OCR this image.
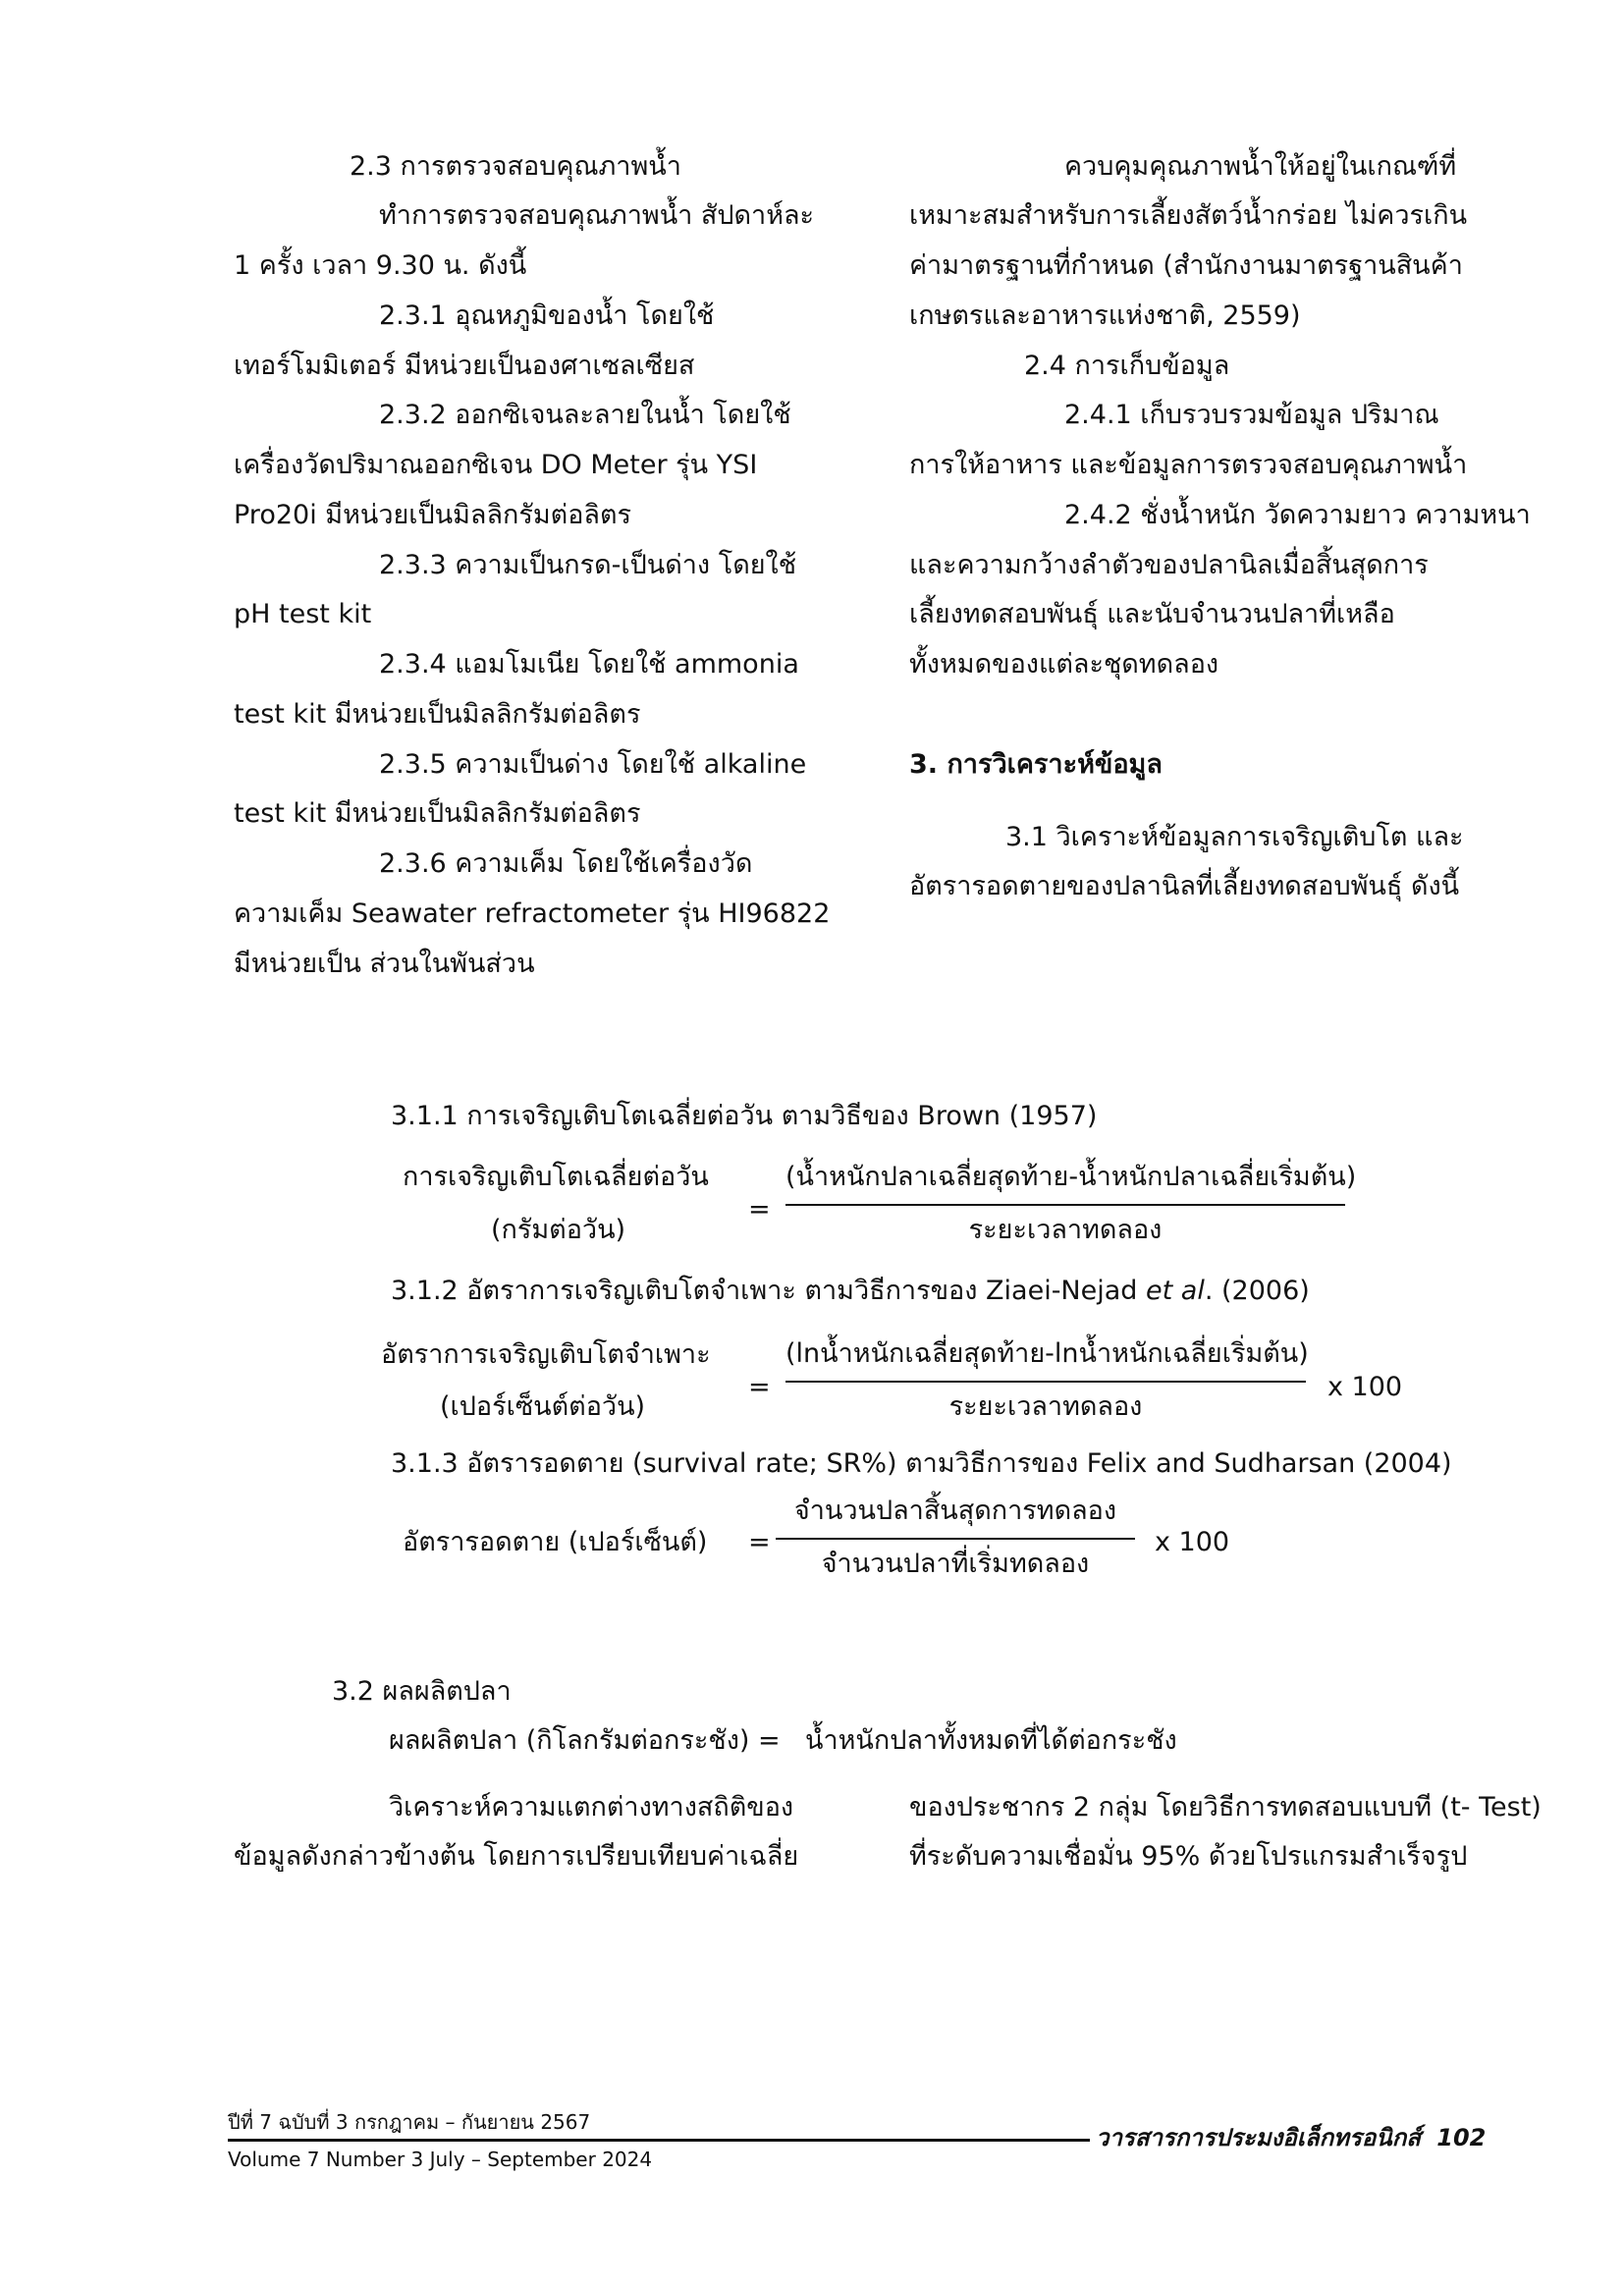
2.3 การตรวจสอบคุณภาพน้ำ
ทำการตรวจสอบคุณภาพน้ำ สัปดาห์ละ
1 ครั้ง เวลา 9.30 น. ดังนี้
2.3.1 อุณหภูมิของน้ำ โดยใช้
เทอร์โมมิเตอร์ มีหน่วยเป็นองศาเซลเซียส
2.3.2 ออกซิเจนละลายในน้ำ โดยใช้
เครื่องวัดปริมาณออกซิเจน DO Meter รุ่น YSI
Pro20i มีหน่วยเป็นมิลลิกรัมต่อลิตร
2.3.3 ความเป็นกรด-เป็นด่าง โดยใช้
pH test kit
2.3.4 แอมโมเนีย โดยใช้ ammonia
test kit มีหน่วยเป็นมิลลิกรัมต่อลิตร
2.3.5 ความเป็นด่าง โดยใช้ alkaline
test kit มีหน่วยเป็นมิลลิกรัมต่อลิตร
2.3.6 ความเค็ม โดยใช้เครื่องวัด
ความเค็ม Seawater refractometer รุ่น HI96822
มีหน่วยเป็น ส่วนในพันส่วน
ควบคุมคุณภาพน้ำให้อยู่ในเกณฑ์ที่
เหมาะสมสำหรับการเลี้ยงสัตว์น้ำกร่อย ไม่ควรเกิน
ค่ามาตรฐานที่กำหนด (สำนักงานมาตรฐานสินค้า
เกษตรและอาหารแห่งชาติ, 2559)
2.4 การเก็บข้อมูล
2.4.1 เก็บรวบรวมข้อมูล ปริมาณ
การให้อาหาร และข้อมูลการตรวจสอบคุณภาพน้ำ
2.4.2 ชั่งน้ำหนัก วัดความยาว ความหนา
และความกว้างลำตัวของปลานิลเมื่อสิ้นสุดการ
เลี้ยงทดสอบพันธุ์ และนับจำนวนปลาที่เหลือ
ทั้งหมดของแต่ละชุดทดลอง
3. การวิเคราะห์ข้อมูล
3.1 วิเคราะห์ข้อมูลการเจริญเติบโต และ
อัตรารอดตายของปลานิลที่เลี้ยงทดสอบพันธุ์ ดังนี้
3.1.1 การเจริญเติบโตเฉลี่ยต่อวัน ตามวิธีของ Brown (1957)
การเจริญเติบโตเฉลี่ยต่อวัน
(กรัมต่อวัน)
=
(น้ำหนักปลาเฉลี่ยสุดท้าย-น้ำหนักปลาเฉลี่ยเริ่มต้น)
ระยะเวลาทดลอง
3.1.2 อัตราการเจริญเติบโตจำเพาะ ตามวิธีการของ Ziaei-Nejad et al. (2006)
อัตราการเจริญเติบโตจำเพาะ
(เปอร์เซ็นต์ต่อวัน)
=
(lnน้ำหนักเฉลี่ยสุดท้าย-lnน้ำหนักเฉลี่ยเริ่มต้น)
ระยะเวลาทดลอง
x 100
3.1.3 อัตรารอดตาย (survival rate; SR%) ตามวิธีการของ Felix and Sudharsan (2004)
อัตรารอดตาย (เปอร์เซ็นต์) =
จำนวนปลาสิ้นสุดการทดลอง
จำนวนปลาที่เริ่มทดลอง
x 100
3.2 ผลผลิตปลา
ผลผลิตปลา (กิโลกรัมต่อกระชัง) = น้ำหนักปลาทั้งหมดที่ได้ต่อกระชัง
วิเคราะห์ความแตกต่างทางสถิติของ
ข้อมูลดังกล่าวข้างต้น โดยการเปรียบเทียบค่าเฉลี่ย
ของประชากร 2 กลุ่ม โดยวิธีการทดสอบแบบที (t- Test)
ที่ระดับความเชื่อมั่น 95% ด้วยโปรแกรมสำเร็จรูป
ปีที่ 7 ฉบับที่ 3 กรกฎาคม – กันยายน 2567
Volume 7 Number 3 July – September 2024
วารสารการประมงอิเล็กทรอนิกส์ 102
